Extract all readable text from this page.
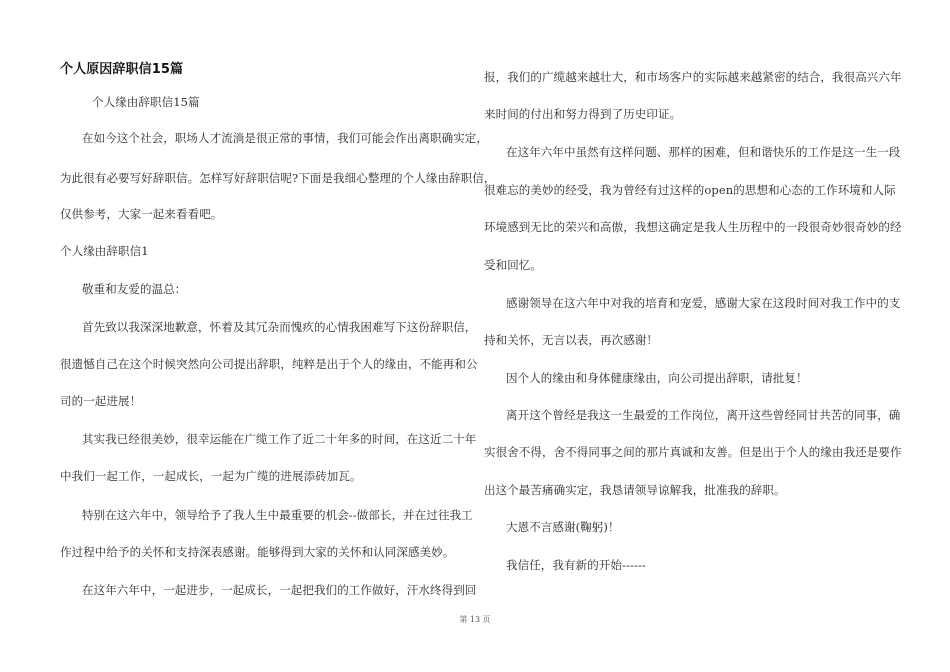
个人原因辞职信15篇
个人缘由辞职信15篇
在如今这个社会，职场人才流淌是很正常的事情，我们可能会作出离职确实定，
为此很有必要写好辞职信。怎样写好辞职信呢?下面是我细心整理的个人缘由辞职信，
仅供参考，大家一起来看看吧。
个人缘由辞职信1
敬重和友爱的温总：
首先致以我深深地歉意，怀着及其冗杂而愧疚的心情我困难写下这份辞职信，
很遗憾自己在这个时候突然向公司提出辞职，纯粹是出于个人的缘由，不能再和公
司的一起进展！
其实我已经很美妙，很幸运能在广缆工作了近二十年多的时间，在这近二十年
中我们一起工作，一起成长，一起为广缆的进展添砖加瓦。
特别在这六年中，领导给予了我人生中最重要的机会--做部长，并在过往我工
作过程中给予的关怀和支持深表感谢。能够得到大家的关怀和认同深感美妙。
在这年六年中，一起进步，一起成长，一起把我们的工作做好，汗水终得到回
报，我们的广缆越来越壮大，和市场客户的实际越来越紧密的结合，我很高兴六年
来时间的付出和努力得到了历史印证。
在这年六年中虽然有这样问题、那样的困难，但和谐快乐的工作是这一生一段
很难忘的美妙的经受，我为曾经有过这样的open的思想和心态的工作环境和人际
环境感到无比的荣兴和高傲，我想这确定是我人生历程中的一段很奇妙很奇妙的经
受和回忆。
感谢领导在这六年中对我的培育和宠爱，感谢大家在这段时间对我工作中的支
持和关怀，无言以表，再次感谢！
因个人的缘由和身体健康缘由，向公司提出辞职，请批复！
离开这个曾经是我这一生最爱的工作岗位，离开这些曾经同甘共苦的同事，确
实很舍不得，舍不得同事之间的那片真诚和友善。但是出于个人的缘由我还是要作
出这个最苦痛确实定，我恳请领导谅解我，批准我的辞职。
大恩不言感谢(鞠躬)！
我信任，我有新的开始------
第 13 页
